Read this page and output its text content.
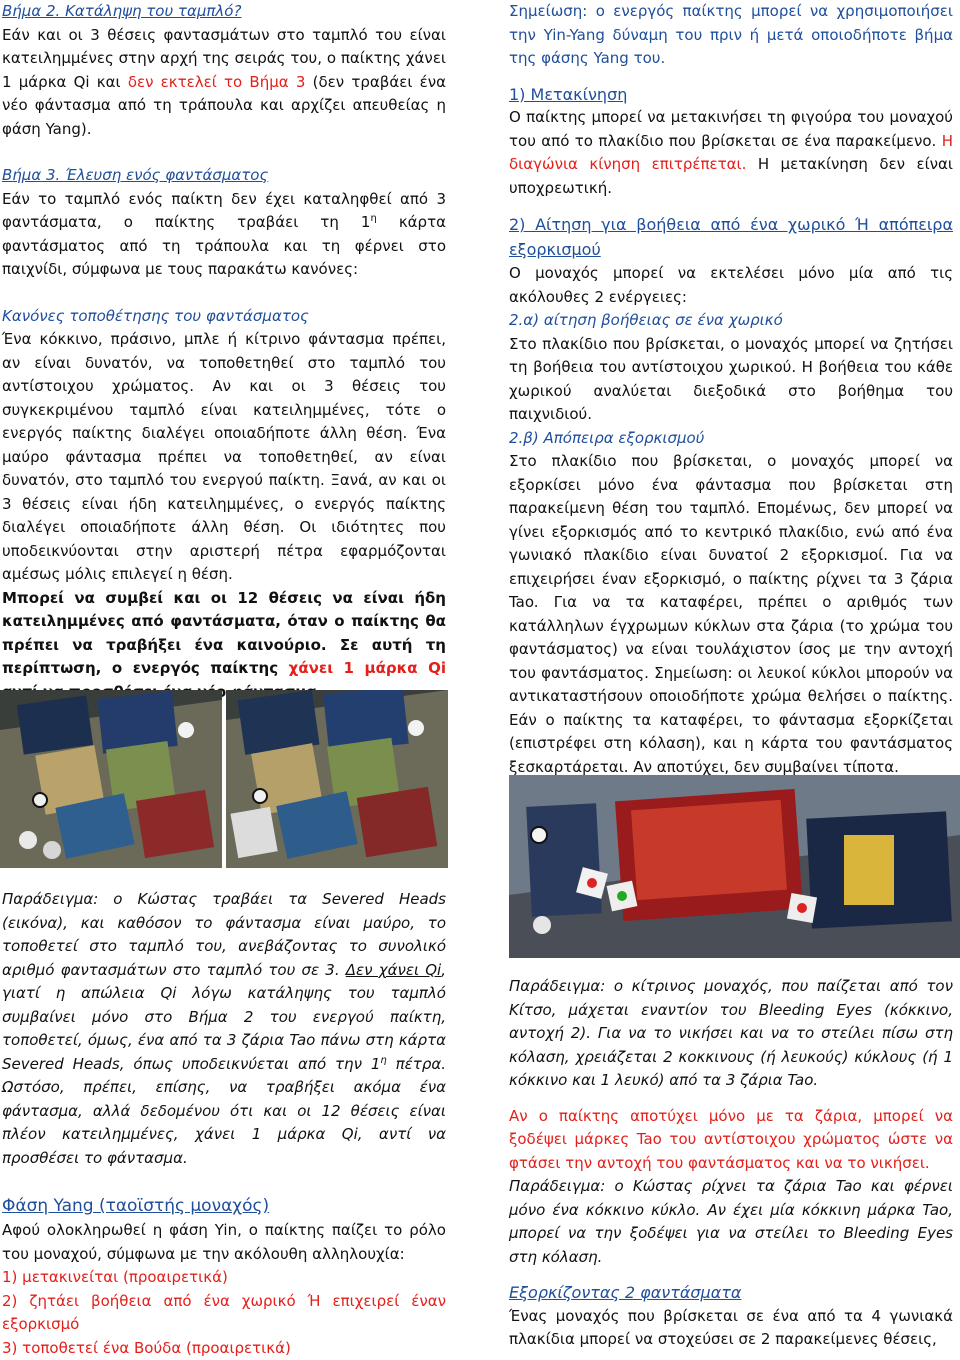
Βήμα 2. Κατάληψη του ταμπλό?

Εάν και οι 3 θέσεις φαντασμάτων στο ταμπλό του είναι κατειλημμένες στην αρχή της σειράς του, ο παίκτης χάνει 1 μάρκα Qi και δεν εκτελεί το Βήμα 3 (δεν τραβάει ένα νέο φάντασμα από τη τράπουλα και αρχίζει απευθείας η φάση Yang).

Βήμα 3. Έλευση ενός φαντάσματος

Εάν το ταμπλό ενός παίκτη δεν έχει καταληφθεί από 3 φαντάσματα, ο παίκτης τραβάει τη $1^\eta$ κάρτα φαντάσματος από τη τράπουλα και τη φέρνει στο παιχνίδι, σύμφωνα με τους παρακάτω κανόνες:

Κανόνες τοποθέτησης του φαντάσματος

Ένα κόκκινο, πράσινο, μπλε ή κίτρινο φάντασμα πρέπει, αν είναι δυνατόν, να τοποθετηθεί στο ταμπλό του αντίστοιχου χρώματος. Αν και οι 3 θέσεις του συγκεκριμένου ταμπλό είναι κατειλημμένες, τότε ο ενεργός παίκτης διαλέγει οποιαδήποτε άλλη θέση. Ένα μαύρο φάντασμα πρέπει να τοποθετηθεί, αν είναι δυνατόν, στο ταμπλό του ενεργού παίκτη. Ξανά, αν και οι 3 θέσεις είναι ήδη κατειλημμένες, ο ενεργός παίκτης διαλέγει οποιαδήποτε άλλη θέση. Οι ιδιότητες που υποδεικνύονται στην αριστερή πέτρα εφαρμόζονται αμέσως μόλις επιλεγεί η θέση.

Μπορεί να συμβεί και οι 12 θέσεις να είναι ήδη κατειλημμένες από φαντάσματα, όταν ο παίκτης θα πρέπει να τραβήξει ένα καινούριο. Σε αυτή τη περίπτωση, ο ενεργός παίκτης χάνει 1 μάρκα Qi

Παράδειγμα: ο Κώστας τραβάει τα Severed Heads (εικόνα), και καθόσον το φάντασμα είναι μαύρο, το τοποθετεί στο ταμπλό του, ανεβάζοντας το συνολικό αριθμό φαντασμάτων στο ταμπλό του σε 3. Δεν χάνει Qi, γιατί η απώλεια Qi λόγω κατάληψης του ταμπλό συμβαίνει μόνο στο Βήμα 2 του ενεργού παίκτη, τοποθετεί, όμως, ένα από τα 3 ζάρια Tao πάνω στη κάρτα Severed Heads, όπως υποδεικνύεται από την $1^\eta$ πέτρα. Ωστόσο, πρέπει, επίσης, να τραβήξει ακόμα ένα φάντασμα, αλλά δεδομένου ότι και οι 12 θέσεις είναι πλέον κατειλημμένες, χάνει 1 μάρκα Qi, αντί να προσθέσει το φάντασμα.

Φάση Yang (ταοϊστής μοναχός)

Αφού ολοκληρωθεί η φάση Yin, ο παίκτης παίζει το ρόλο του μοναχού, σύμφωνα με την ακόλουθη αλληλουχία:

1) μετακινείται (προαιρετικά)

2) ζητάει βοήθεια από ένα χωρικό Ή επιχειρεί έναν εξορκισμό

3) τοποθετεί ένα Βούδα (προαιρετικά)

Σημείωση: ο ενεργός παίκτης μπορεί να χρησιμοποιήσει την Yin-Yang δύναμη του πριν ή μετά οποιοδήποτε βήμα της φάσης Yang του.

1) Μετακίνηση

Ο παίκτης μπορεί να μετακινήσει τη φιγούρα του μοναχού του από το πλακίδιο που βρίσκεται σε ένα παρακείμενο. Η διαγώνια κίνηση επιτρέπεται. Η μετακίνηση δεν είναι υποχρεωτική.

2) Αίτηση για βοήθεια από ένα χωρικό Ή απόπειρα εξορκισμού

Ο μοναχός μπορεί να εκτελέσει μόνο μία από τις ακόλουθες 2 ενέργειες:

2.α) αίτηση βοήθειας σε ένα χωρικό

Στο πλακίδιο που βρίσκεται, ο μοναχός μπορεί να ζητήσει τη βοήθεια του αντίστοιχου χωρικού. Η βοήθεια του κάθε χωρικού αναλύεται διεξοδικά στο βοήθημα του παιχνιδιού.

2.β) Απόπειρα εξορκισμού

Στο πλακίδιο που βρίσκεται, ο μοναχός μπορεί να εξορκίσει μόνο ένα φάντασμα που βρίσκεται στη παρακείμενη θέση του ταμπλό. Επομένως, δεν μπορεί να γίνει εξορκισμός από το κεντρικό πλακίδιο, ενώ από ένα γωνιακό πλακίδιο είναι δυνατοί 2 εξορκισμοί. Για να επιχειρήσει έναν εξορκισμό, ο παίκτης ρίχνει τα 3 ζάρια Tao. Για να τα καταφέρει, πρέπει ο αριθμός των κατάλληλων έγχρωμων κύκλων στα ζάρια (το χρώμα του φαντάσματος) να είναι τουλάχιστον ίσος με την αντοχή του φαντάσματος. Σημείωση: οι λευκοί κύκλοι μπορούν να αντικαταστήσουν οποιοδήποτε χρώμα θελήσει ο παίκτης. Εάν ο παίκτης τα καταφέρει, το φάντασμα εξορκίζεται (επιστρέφει στη κόλαση), και η κάρτα του φαντάσματος ξεσκαρτάρεται. Αν αποτύχει, δεν συμβαίνει τίποτα.

Παράδειγμα: ο κίτρινος μοναχός, που παίζεται από τον Κίτσο, μάχεται εναντίον του Bleeding Eyes (κόκκινο, αντοχή 2). Για να το νικήσει και να το στείλει πίσω στη κόλαση, χρειάζεται 2 κοκκινους (ή λευκούς) κύκλους (ή 1 κόκκινο και 1 λευκό) από τα 3 ζάρια Tao.

Αν ο παίκτης αποτύχει μόνο με τα ζάρια, μπορεί να ξοδέψει μάρκες Tao του αντίστοιχου χρώματος ώστε να φτάσει την αντοχή του φαντάσματος και να το νικήσει.

Παράδειγμα: ο Κώστας ρίχνει τα ζάρια Tao και φέρνει μόνο ένα κόκκινο κύκλο. Αν έχει μία κόκκινη μάρκα Tao, μπορεί να την ξοδέψει για να στείλει το Bleeding Eyes στη κόλαση.

Εξορκίζοντας 2 φαντάσματα

Ένας μοναχός που βρίσκεται σε ένα από τα 4 γωνιακά πλακίδια μπορεί να στοχεύσει σε 2 παρακείμενες θέσεις,
